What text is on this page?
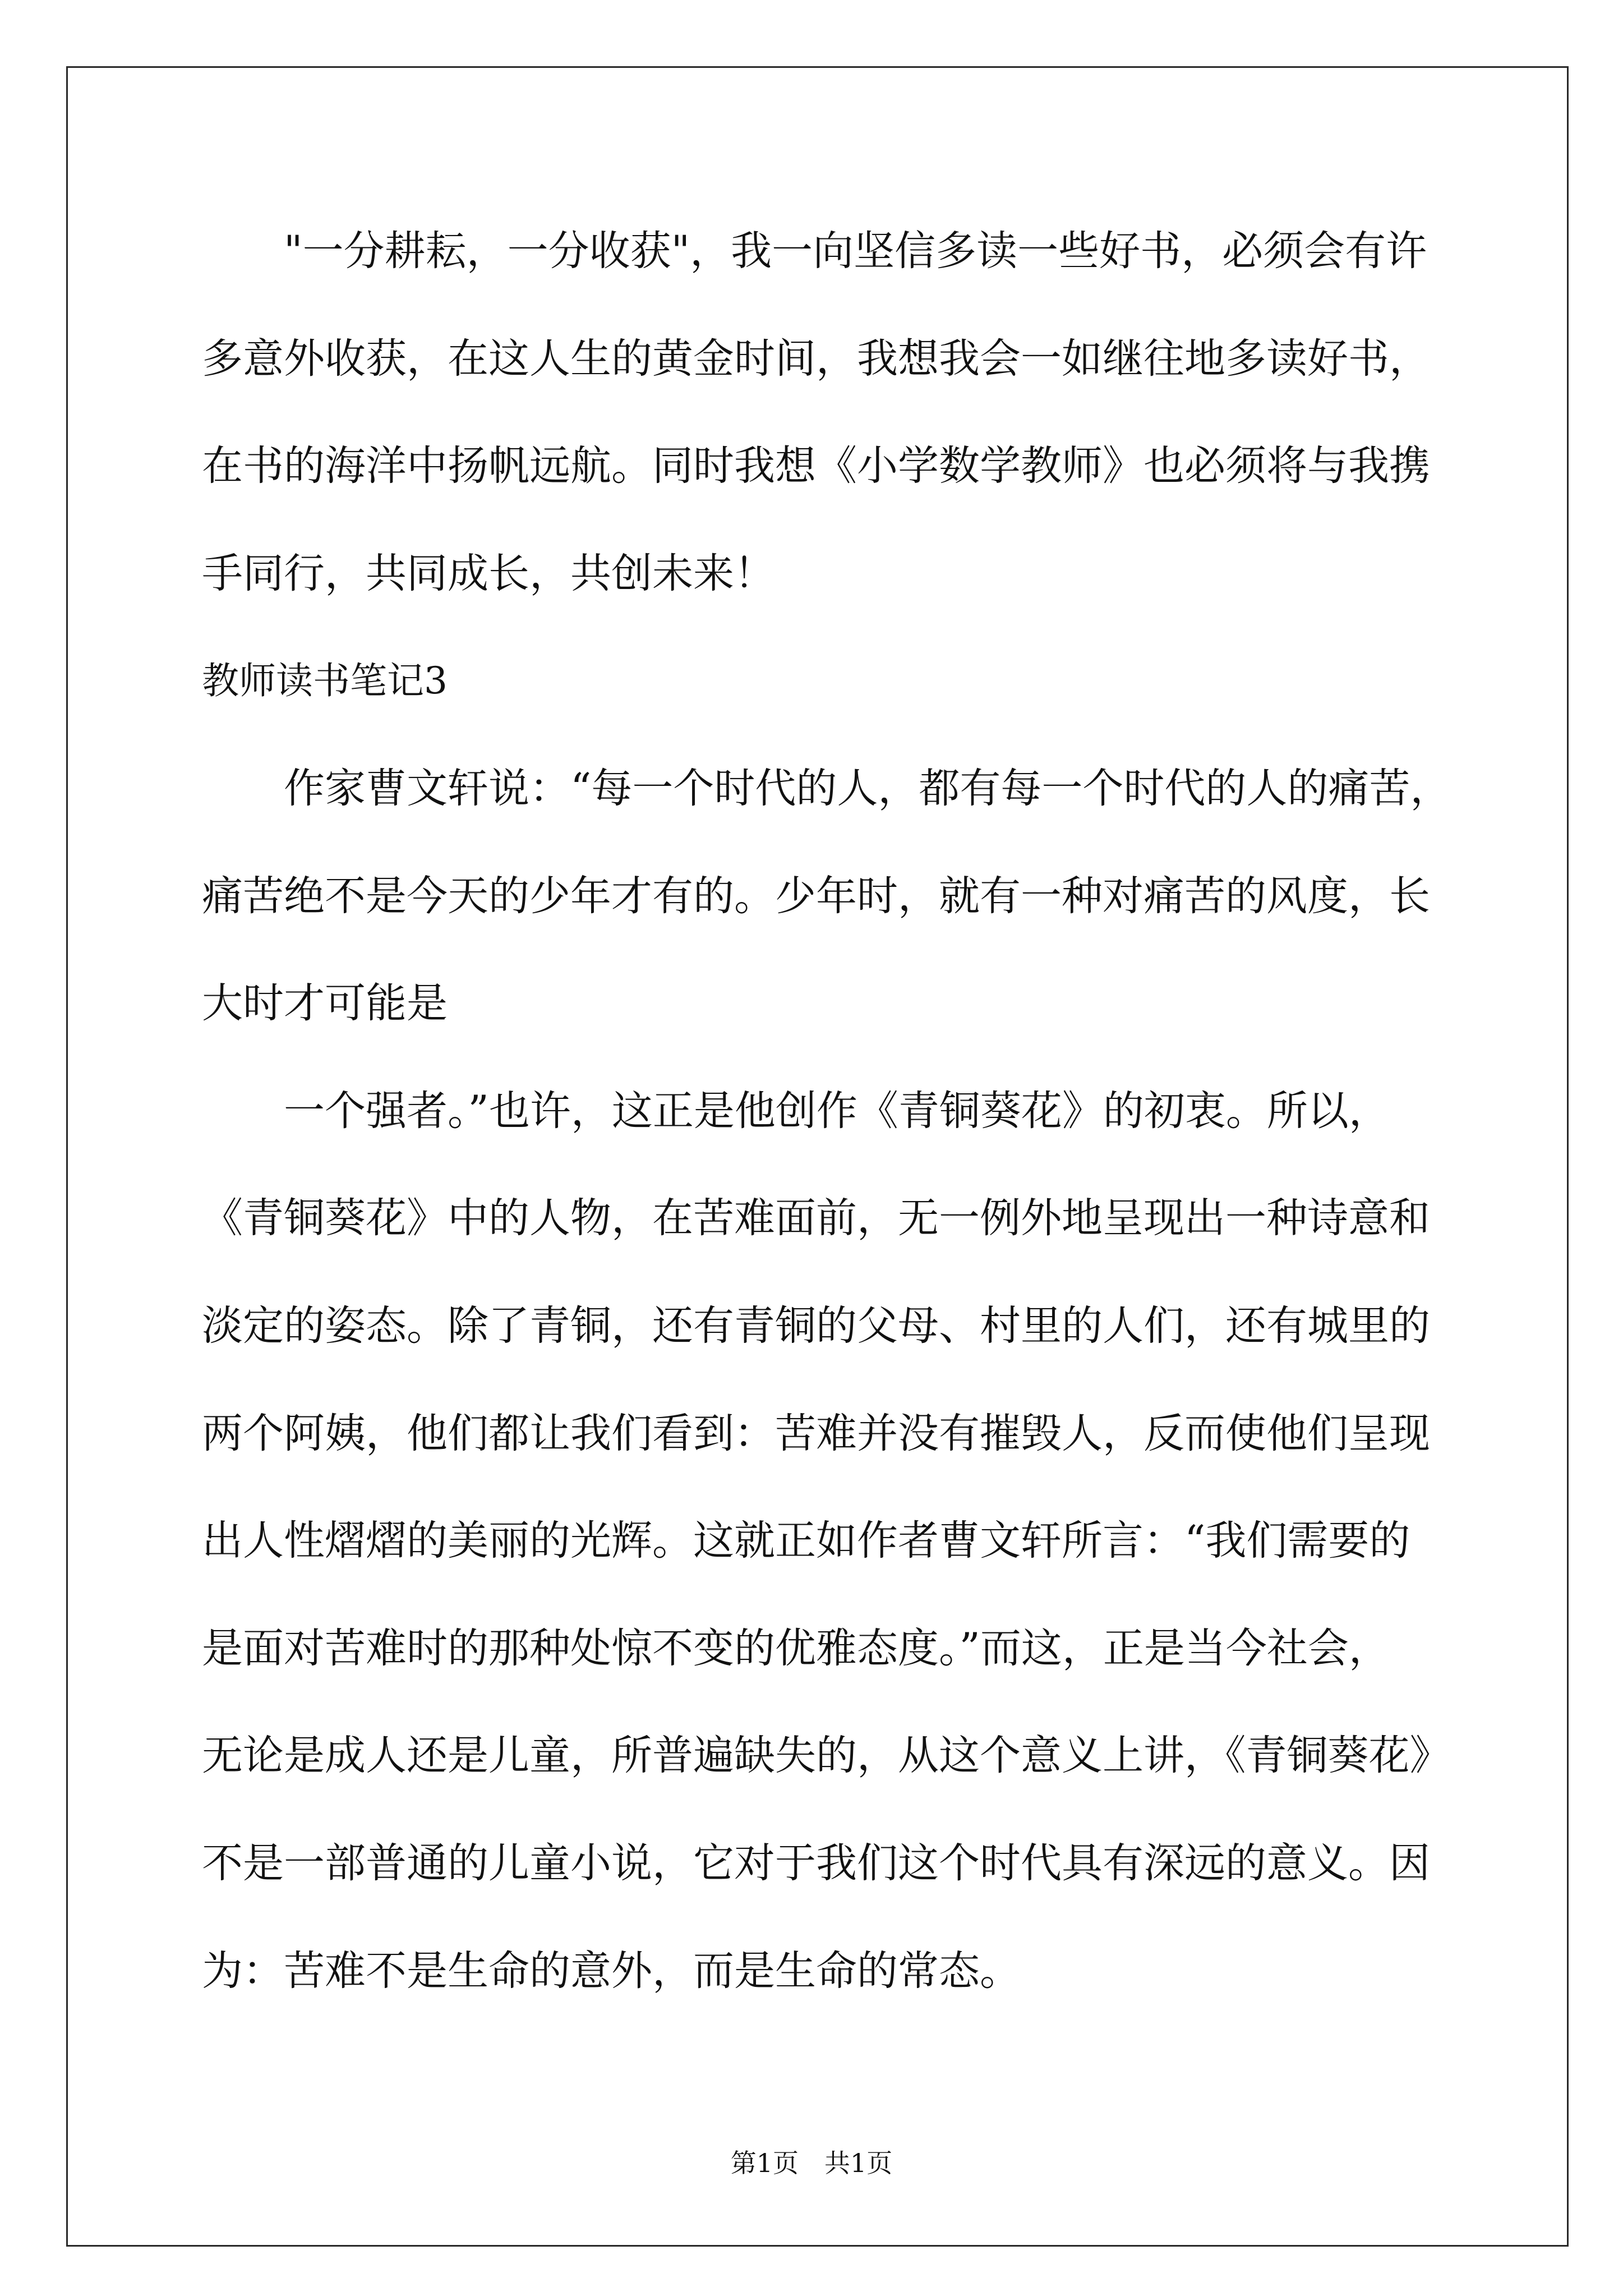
"一分耕耘，一分收获"，我一向坚信多读一些好书，必须会有许
多意外收获，在这人生的黄金时间，我想我会一如继往地多读好书，
在书的海洋中扬帆远航。同时我想《小学数学教师》也必须将与我携
手同行，共同成长，共创未来！
教师读书笔记3
作家曹文轩说：“每一个时代的人，都有每一个时代的人的痛苦，
痛苦绝不是今天的少年才有的。少年时，就有一种对痛苦的风度，长
大时才可能是
一个强者。”也许，这正是他创作《青铜葵花》的初衷。所以，
《青铜葵花》中的人物，在苦难面前，无一例外地呈现出一种诗意和
淡定的姿态。除了青铜，还有青铜的父母、村里的人们，还有城里的
两个阿姨，他们都让我们看到：苦难并没有摧毁人，反而使他们呈现
出人性熠熠的美丽的光辉。这就正如作者曹文轩所言：“我们需要的
是面对苦难时的那种处惊不变的优雅态度。”而这，正是当今社会，
无论是成人还是儿童，所普遍缺失的，从这个意义上讲，《青铜葵花》
不是一部普通的儿童小说，它对于我们这个时代具有深远的意义。因
为：苦难不是生命的意外，而是生命的常态。
第1页　共1页
